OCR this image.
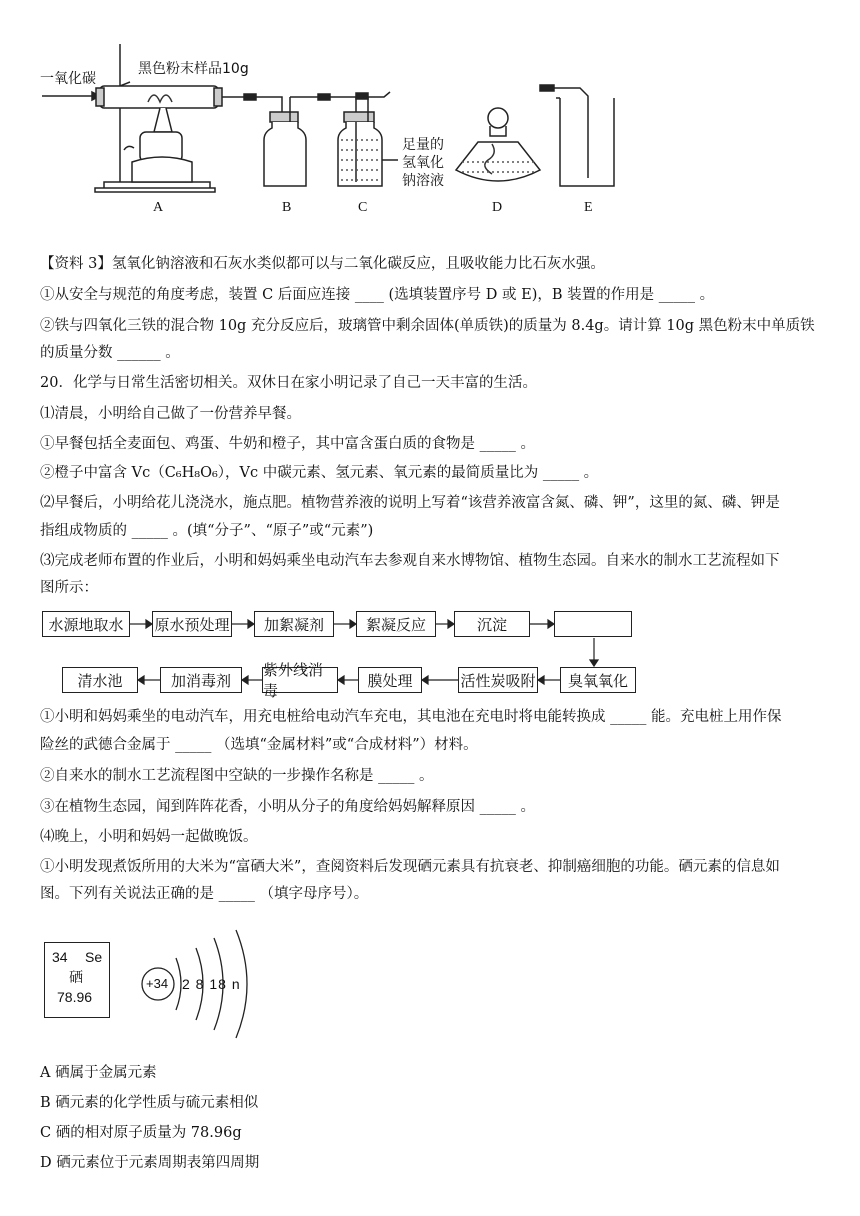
一氧化碳
黑色粉末样品10g
足量的
氢氧化
钠溶液
A	B	C	D	E
【资料 3】氢氧化钠溶液和石灰水类似都可以与二氧化碳反应，且吸收能力比石灰水强。
①从安全与规范的角度考虑，装置 C 后面应连接 ____ (选填装置序号 D 或 E)，B 装置的作用是 _____ 。
②铁与四氧化三铁的混合物 10g 充分反应后，玻璃管中剩余固体(单质铁)的质量为 8.4g。请计算 10g 黑色粉末中单质铁
的质量分数 ______ 。
20．化学与日常生活密切相关。双休日在家小明记录了自己一天丰富的生活。
⑴清晨，小明给自己做了一份营养早餐。
①早餐包括全麦面包、鸡蛋、牛奶和橙子，其中富含蛋白质的食物是 _____ 。
②橙子中富含 Vc（C₆H₈O₆），Vc 中碳元素、氢元素、氧元素的最简质量比为 _____ 。
⑵早餐后，小明给花儿浇浇水，施点肥。植物营养液的说明上写着“该营养液富含氮、磷、钾”，这里的氮、磷、钾是
指组成物质的 _____ 。(填“分子”、“原子”或“元素”)
⑶完成老师布置的作业后，小明和妈妈乘坐电动汽车去参观自来水博物馆、植物生态园。自来水的制水工艺流程如下
图所示：
水源地取水	原水预处理	加絮凝剂	絮凝反应	沉淀
清水池	加消毒剂
紫外线消毒
膜处理	活性炭吸附	臭氧氧化
①小明和妈妈乘坐的电动汽车，用充电桩给电动汽车充电，其电池在充电时将电能转换成 _____ 能。充电桩上用作保
险丝的武德合金属于 _____ （选填“金属材料”或“合成材料”）材料。
②自来水的制水工艺流程图中空缺的一步操作名称是 _____ 。
③在植物生态园，闻到阵阵花香，小明从分子的角度给妈妈解释原因 _____ 。
⑷晚上，小明和妈妈一起做晚饭。
①小明发现煮饭所用的大米为“富硒大米”，查阅资料后发现硒元素具有抗衰老、抑制癌细胞的功能。硒元素的信息如
图。下列有关说法正确的是 _____ （填字母序号）。
34 Se
硒
78.96
+34 2 8 18 n
A 硒属于金属元素
B 硒元素的化学性质与硫元素相似
C 硒的相对原子质量为 78.96g
D 硒元素位于元素周期表第四周期
